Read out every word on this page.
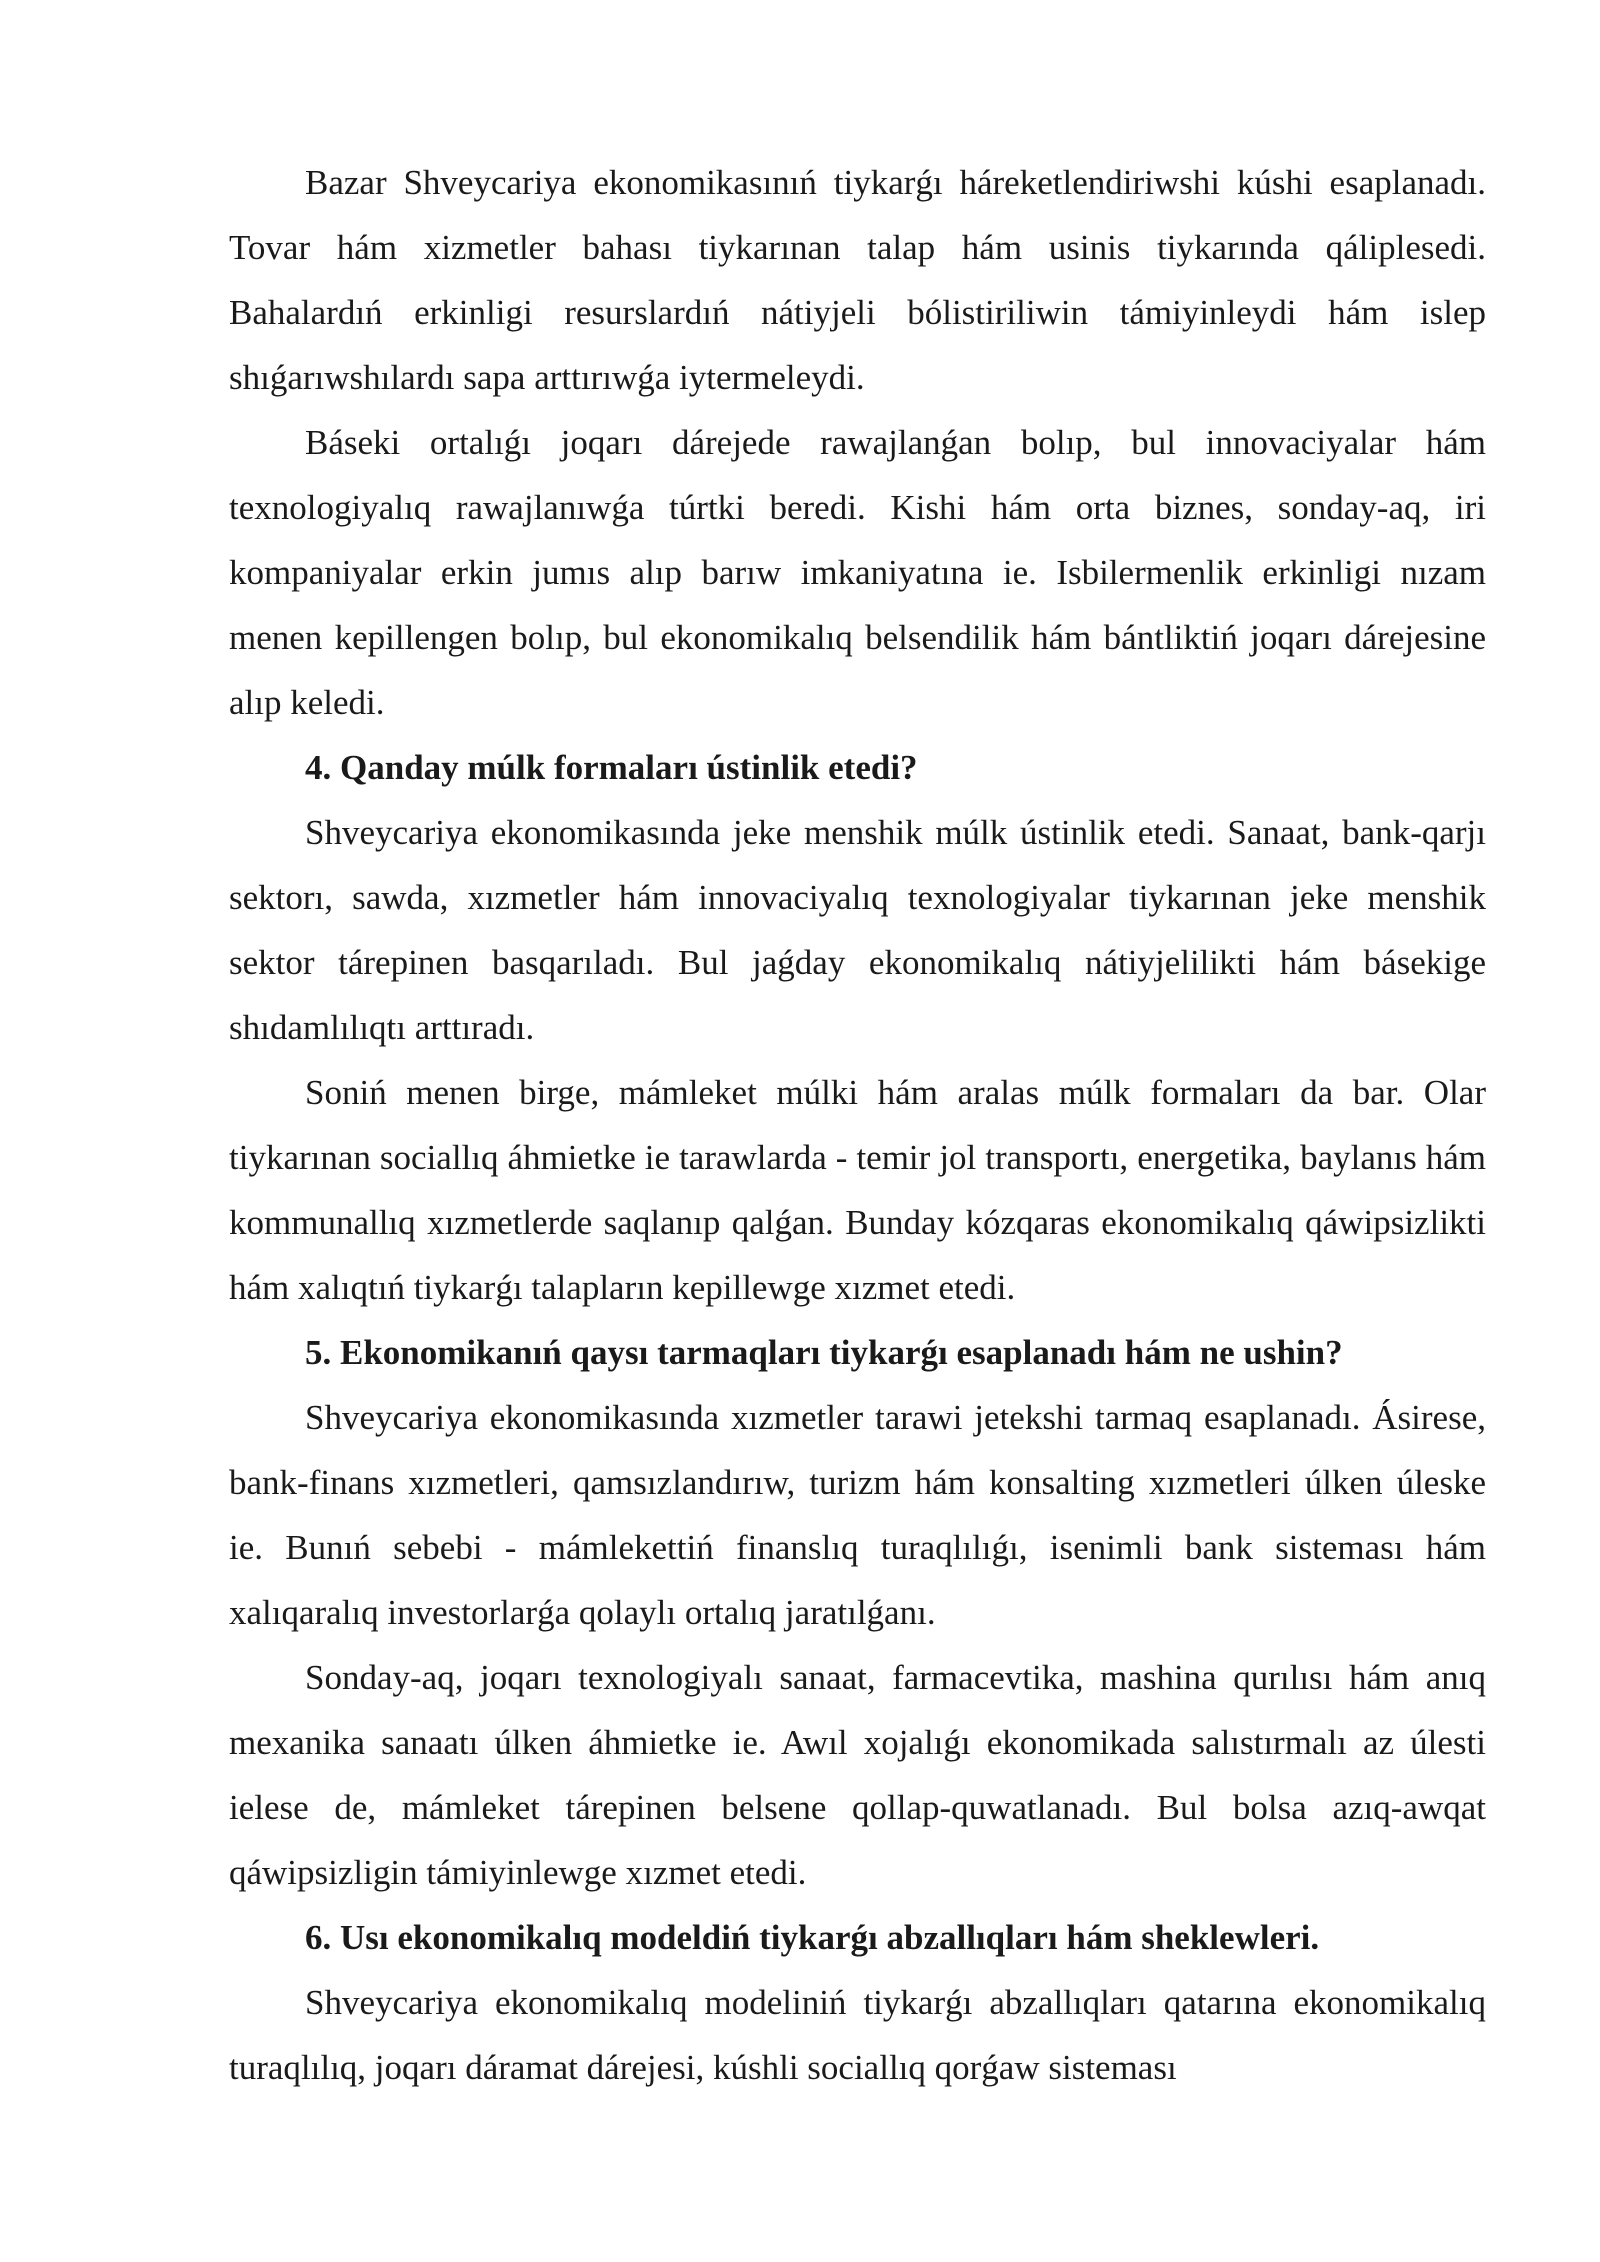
Bazar Shveycariya ekonomikasınıń tiykarǵı háreketlendiriwshi kúshi esaplanadı. Tovar hám xizmetler bahası tiykarınan talap hám usinis tiykarında qáliplesedi. Bahalardıń erkinligi resurslardıń nátiyjeli bólistiriliwin támiyinleydi hám islep shıǵarıwshılardı sapa arttırıwǵa iytermeleydi.

Báseki ortalıǵı joqarı dárejede rawajlanǵan bolıp, bul innovaciyalar hám texnologiyalıq rawajlanıwǵa túrtki beredi. Kishi hám orta biznes, sonday-aq, iri kompaniyalar erkin jumıs alıp barıw imkaniyatına ie. Isbilermenlik erkinligi nızam menen kepillengen bolıp, bul ekonomikalıq belsendilik hám bántliktiń joqarı dárejesine alıp keledi.

4. Qanday múlk formaları ústinlik etedi?

Shveycariya ekonomikasında jeke menshik múlk ústinlik etedi. Sanaat, bank-qarjı sektorı, sawda, xızmetler hám innovaciyalıq texnologiyalar tiykarınan jeke menshik sektor tárepinen basqarıladı. Bul jaǵday ekonomikalıq nátiyjelilikti hám básekige shıdamlılıqtı arttıradı.

Soniń menen birge, mámleket múlki hám aralas múlk formaları da bar. Olar tiykarınan sociallıq áhmietke ie tarawlarda - temir jol transportı, energetika, baylanıs hám kommunallıq xızmetlerde saqlanıp qalǵan. Bunday kózqaras ekonomikalıq qáwipsizlikti hám xalıqtıń tiykarǵı talapların kepillewge xızmet etedi.

5. Ekonomikanıń qaysı tarmaqları tiykarǵı esaplanadı hám ne ushin?

Shveycariya ekonomikasında xızmetler tarawi jetekshi tarmaq esaplanadı. Ásirese, bank-finans xızmetleri, qamsızlandırıw, turizm hám konsalting xızmetleri úlken úleske ie. Bunıń sebebi - mámlekettiń finanslıq turaqlılıǵı, isenimli bank sisteması hám xalıqaralıq investorlarǵa qolaylı ortalıq jaratılǵanı.

Sonday-aq, joqarı texnologiyalı sanaat, farmacevtika, mashina qurılısı hám anıq mexanika sanaatı úlken áhmietke ie. Awıl xojalıǵı ekonomikada salıstırmalı az úlesti ielese de, mámleket tárepinen belsene qollap-quwatlanadı. Bul bolsa azıq-awqat qáwipsizligin támiyinlewge xızmet etedi.

6. Usı ekonomikalıq modeldiń tiykarǵı abzallıqları hám sheklewleri.

Shveycariya ekonomikalıq modeliniń tiykarǵı abzallıqları qatarına ekonomikalıq turaqlılıq, joqarı dáramat dárejesi, kúshli sociallıq qorǵaw sisteması
